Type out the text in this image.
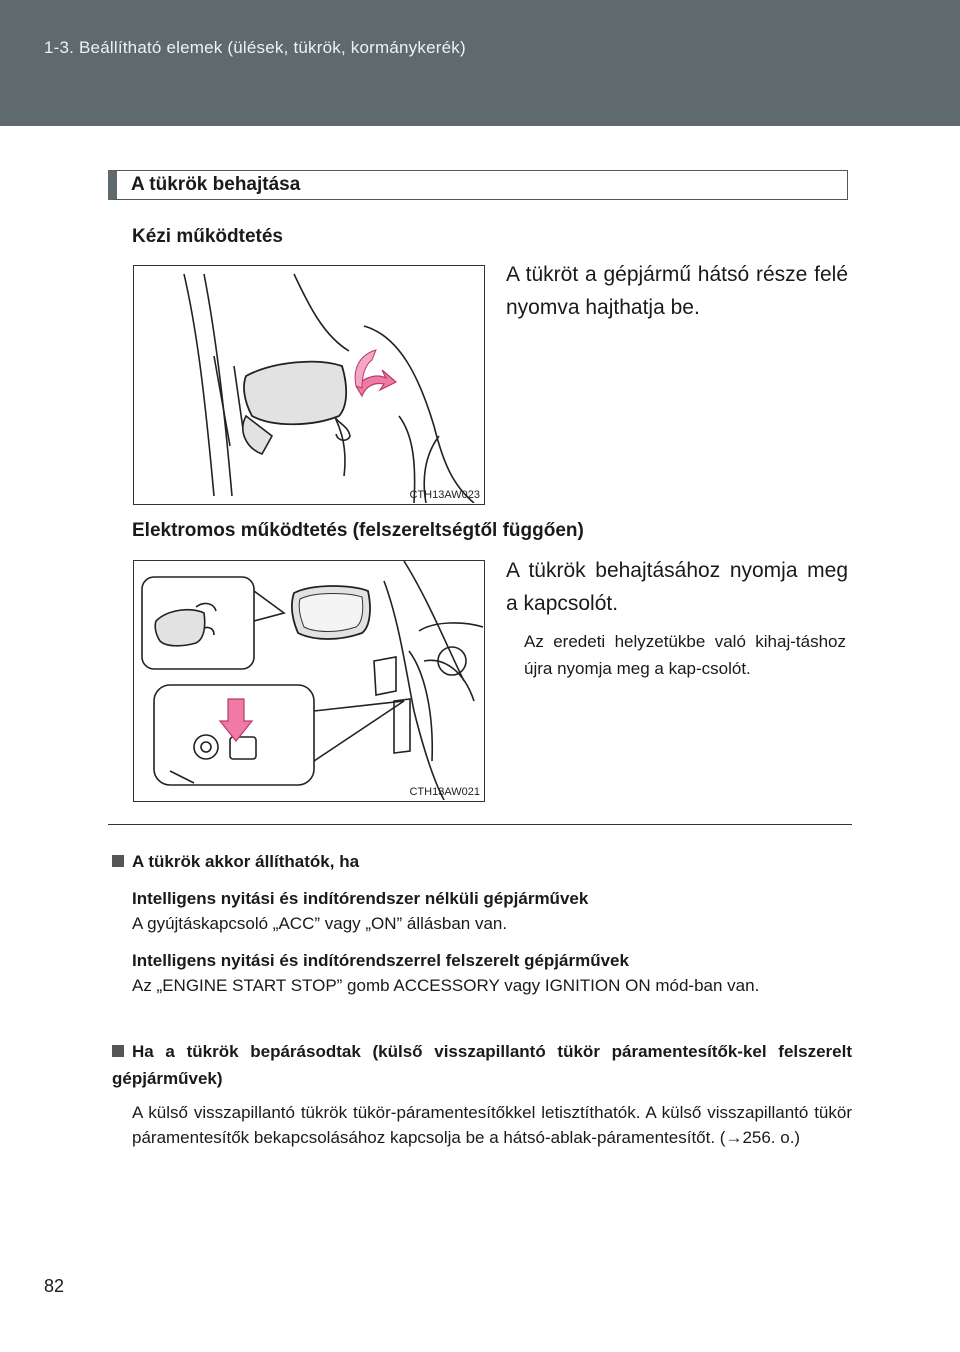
1-3. Beállítható elemek (ülések, tükrök, kormánykerék)
A tükrök behajtása
Kézi működtetés
CTH13AW023
A tükröt a gépjármű hátsó része felé nyomva hajthatja be.
Elektromos működtetés (felszereltségtől függően)
CTH13AW021
A tükrök behajtásához nyomja meg a kapcsolót.
Az eredeti helyzetükbe való kihaj-táshoz újra nyomja meg a kap-csolót.
A tükrök akkor állíthatók, ha
Intelligens nyitási és indítórendszer nélküli gépjárművek
A gyújtáskapcsoló „ACC” vagy „ON” állásban van.
Intelligens nyitási és indítórendszerrel felszerelt gépjárművek
Az „ENGINE START STOP” gomb ACCESSORY vagy IGNITION ON mód-ban van.
Ha a tükrök bepárásodtak (külső visszapillantó tükör páramentesítők-kel felszerelt gépjárművek)
A külső visszapillantó tükrök tükör-páramentesítőkkel letisztíthatók. A külső visszapillantó tükör páramentesítők bekapcsolásához kapcsolja be a hátsó-ablak-páramentesítőt. (→256. o.)
82
